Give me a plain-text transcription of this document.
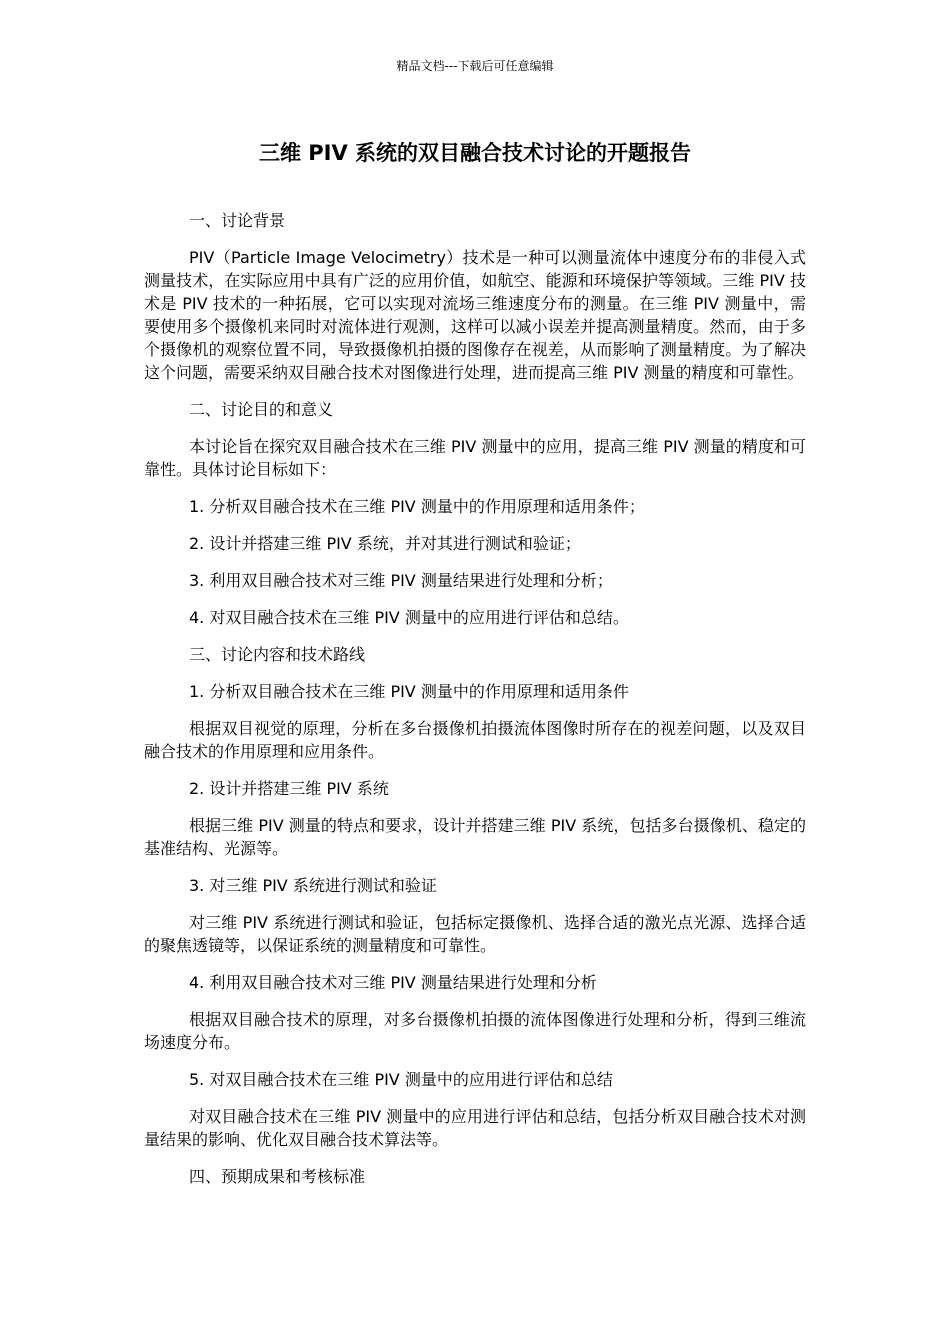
精品文档---下载后可任意编辑
三维 PIV 系统的双目融合技术讨论的开题报告

一、讨论背景

PIV（Particle Image Velocimetry）技术是一种可以测量流体中速度分布的非侵入式测量技术，在实际应用中具有广泛的应用价值，如航空、能源和环境保护等领域。三维 PIV 技术是 PIV 技术的一种拓展，它可以实现对流场三维速度分布的测量。在三维 PIV 测量中，需要使用多个摄像机来同时对流体进行观测，这样可以减小误差并提高测量精度。然而，由于多个摄像机的观察位置不同，导致摄像机拍摄的图像存在视差，从而影响了测量精度。为了解决这个问题，需要采纳双目融合技术对图像进行处理，进而提高三维 PIV 测量的精度和可靠性。

二、讨论目的和意义

本讨论旨在探究双目融合技术在三维 PIV 测量中的应用，提高三维 PIV 测量的精度和可靠性。具体讨论目标如下：

1. 分析双目融合技术在三维 PIV 测量中的作用原理和适用条件；

2. 设计并搭建三维 PIV 系统，并对其进行测试和验证；

3. 利用双目融合技术对三维 PIV 测量结果进行处理和分析；

4. 对双目融合技术在三维 PIV 测量中的应用进行评估和总结。

三、讨论内容和技术路线

1. 分析双目融合技术在三维 PIV 测量中的作用原理和适用条件

根据双目视觉的原理，分析在多台摄像机拍摄流体图像时所存在的视差问题，以及双目融合技术的作用原理和应用条件。

2. 设计并搭建三维 PIV 系统

根据三维 PIV 测量的特点和要求，设计并搭建三维 PIV 系统，包括多台摄像机、稳定的基准结构、光源等。

3. 对三维 PIV 系统进行测试和验证

对三维 PIV 系统进行测试和验证，包括标定摄像机、选择合适的激光点光源、选择合适的聚焦透镜等，以保证系统的测量精度和可靠性。

4. 利用双目融合技术对三维 PIV 测量结果进行处理和分析

根据双目融合技术的原理，对多台摄像机拍摄的流体图像进行处理和分析，得到三维流场速度分布。

5. 对双目融合技术在三维 PIV 测量中的应用进行评估和总结

对双目融合技术在三维 PIV 测量中的应用进行评估和总结，包括分析双目融合技术对测量结果的影响、优化双目融合技术算法等。

四、预期成果和考核标准
